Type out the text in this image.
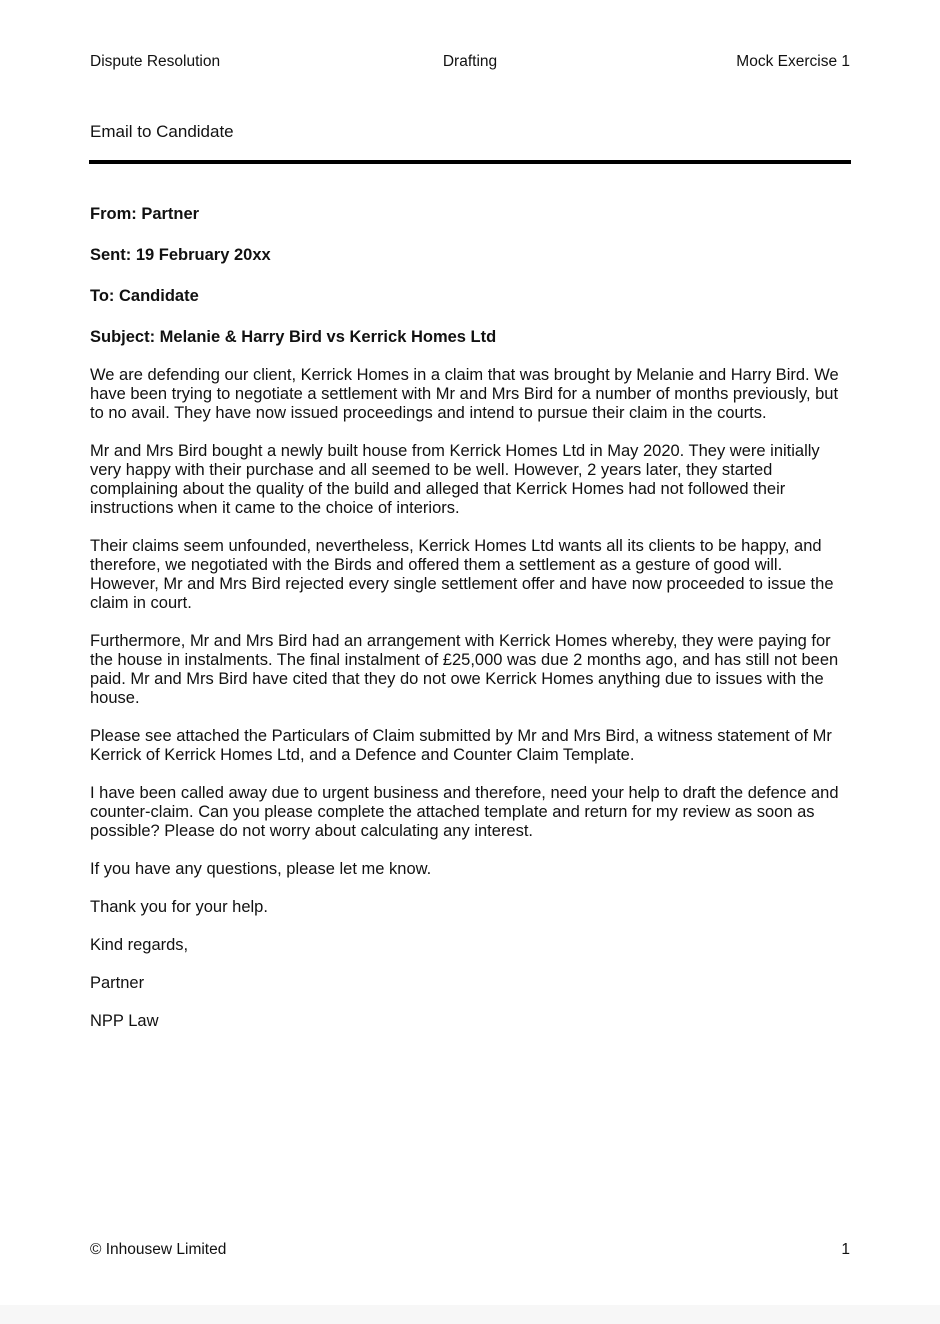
Dispute Resolution	Drafting	Mock Exercise 1
Email to Candidate
From: Partner
Sent: 19 February 20xx
To: Candidate
Subject: Melanie & Harry Bird vs Kerrick Homes Ltd

We are defending our client, Kerrick Homes in a claim that was brought by Melanie and Harry Bird. We have been trying to negotiate a settlement with Mr and Mrs Bird for a number of months previously, but to no avail. They have now issued proceedings and intend to pursue their claim in the courts.

Mr and Mrs Bird bought a newly built house from Kerrick Homes Ltd in May 2020. They were initially very happy with their purchase and all seemed to be well. However, 2 years later, they started complaining about the quality of the build and alleged that Kerrick Homes had not followed their instructions when it came to the choice of interiors.

Their claims seem unfounded, nevertheless, Kerrick Homes Ltd wants all its clients to be happy, and therefore, we negotiated with the Birds and offered them a settlement as a gesture of good will. However, Mr and Mrs Bird rejected every single settlement offer and have now proceeded to issue the claim in court.

Furthermore, Mr and Mrs Bird had an arrangement with Kerrick Homes whereby, they were paying for the house in instalments. The final instalment of £25,000 was due 2 months ago, and has still not been paid. Mr and Mrs Bird have cited that they do not owe Kerrick Homes anything due to issues with the house.

Please see attached the Particulars of Claim submitted by Mr and Mrs Bird, a witness statement of Mr Kerrick of Kerrick Homes Ltd, and a Defence and Counter Claim Template.

I have been called away due to urgent business and therefore, need your help to draft the defence and counter-claim. Can you please complete the attached template and return for my review as soon as possible? Please do not worry about calculating any interest.

If you have any questions, please let me know.

Thank you for your help.

Kind regards,

Partner

NPP Law

© Inhousew Limited	1
